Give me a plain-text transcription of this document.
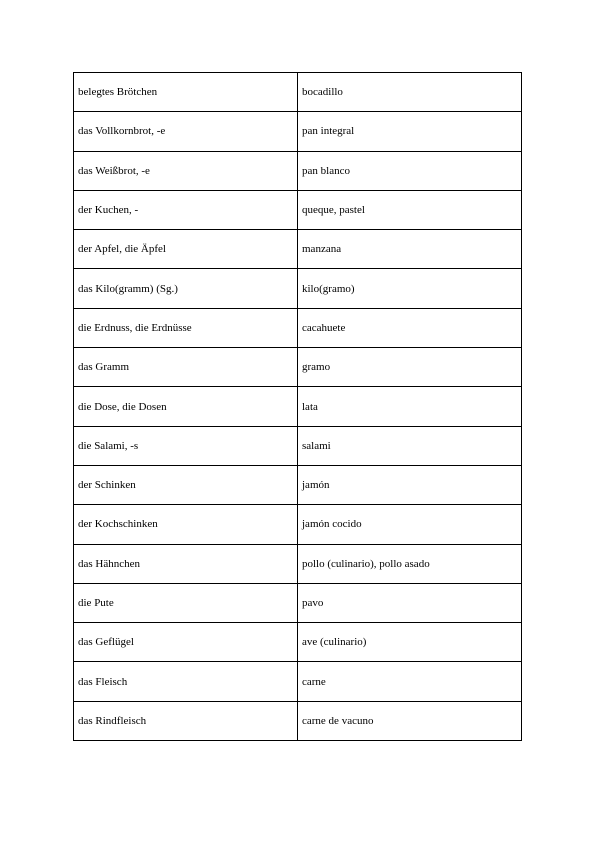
belegtes Brötchen	bocadillo
das Vollkornbrot, -e	pan integral
das Weißbrot, -e	pan blanco
der Kuchen, -	queque, pastel
der Apfel, die Äpfel	manzana
das Kilo(gramm) (Sg.)	kilo(gramo)
die Erdnuss, die Erdnüsse	cacahuete
das Gramm	gramo
die Dose, die Dosen	lata
die Salami, -s	salami
der Schinken	jamón
der Kochschinken	jamón cocido
das Hähnchen	pollo (culinario), pollo asado
die Pute	pavo
das Geflügel	ave (culinario)
das Fleisch	carne
das Rindfleisch	carne de vacuno
